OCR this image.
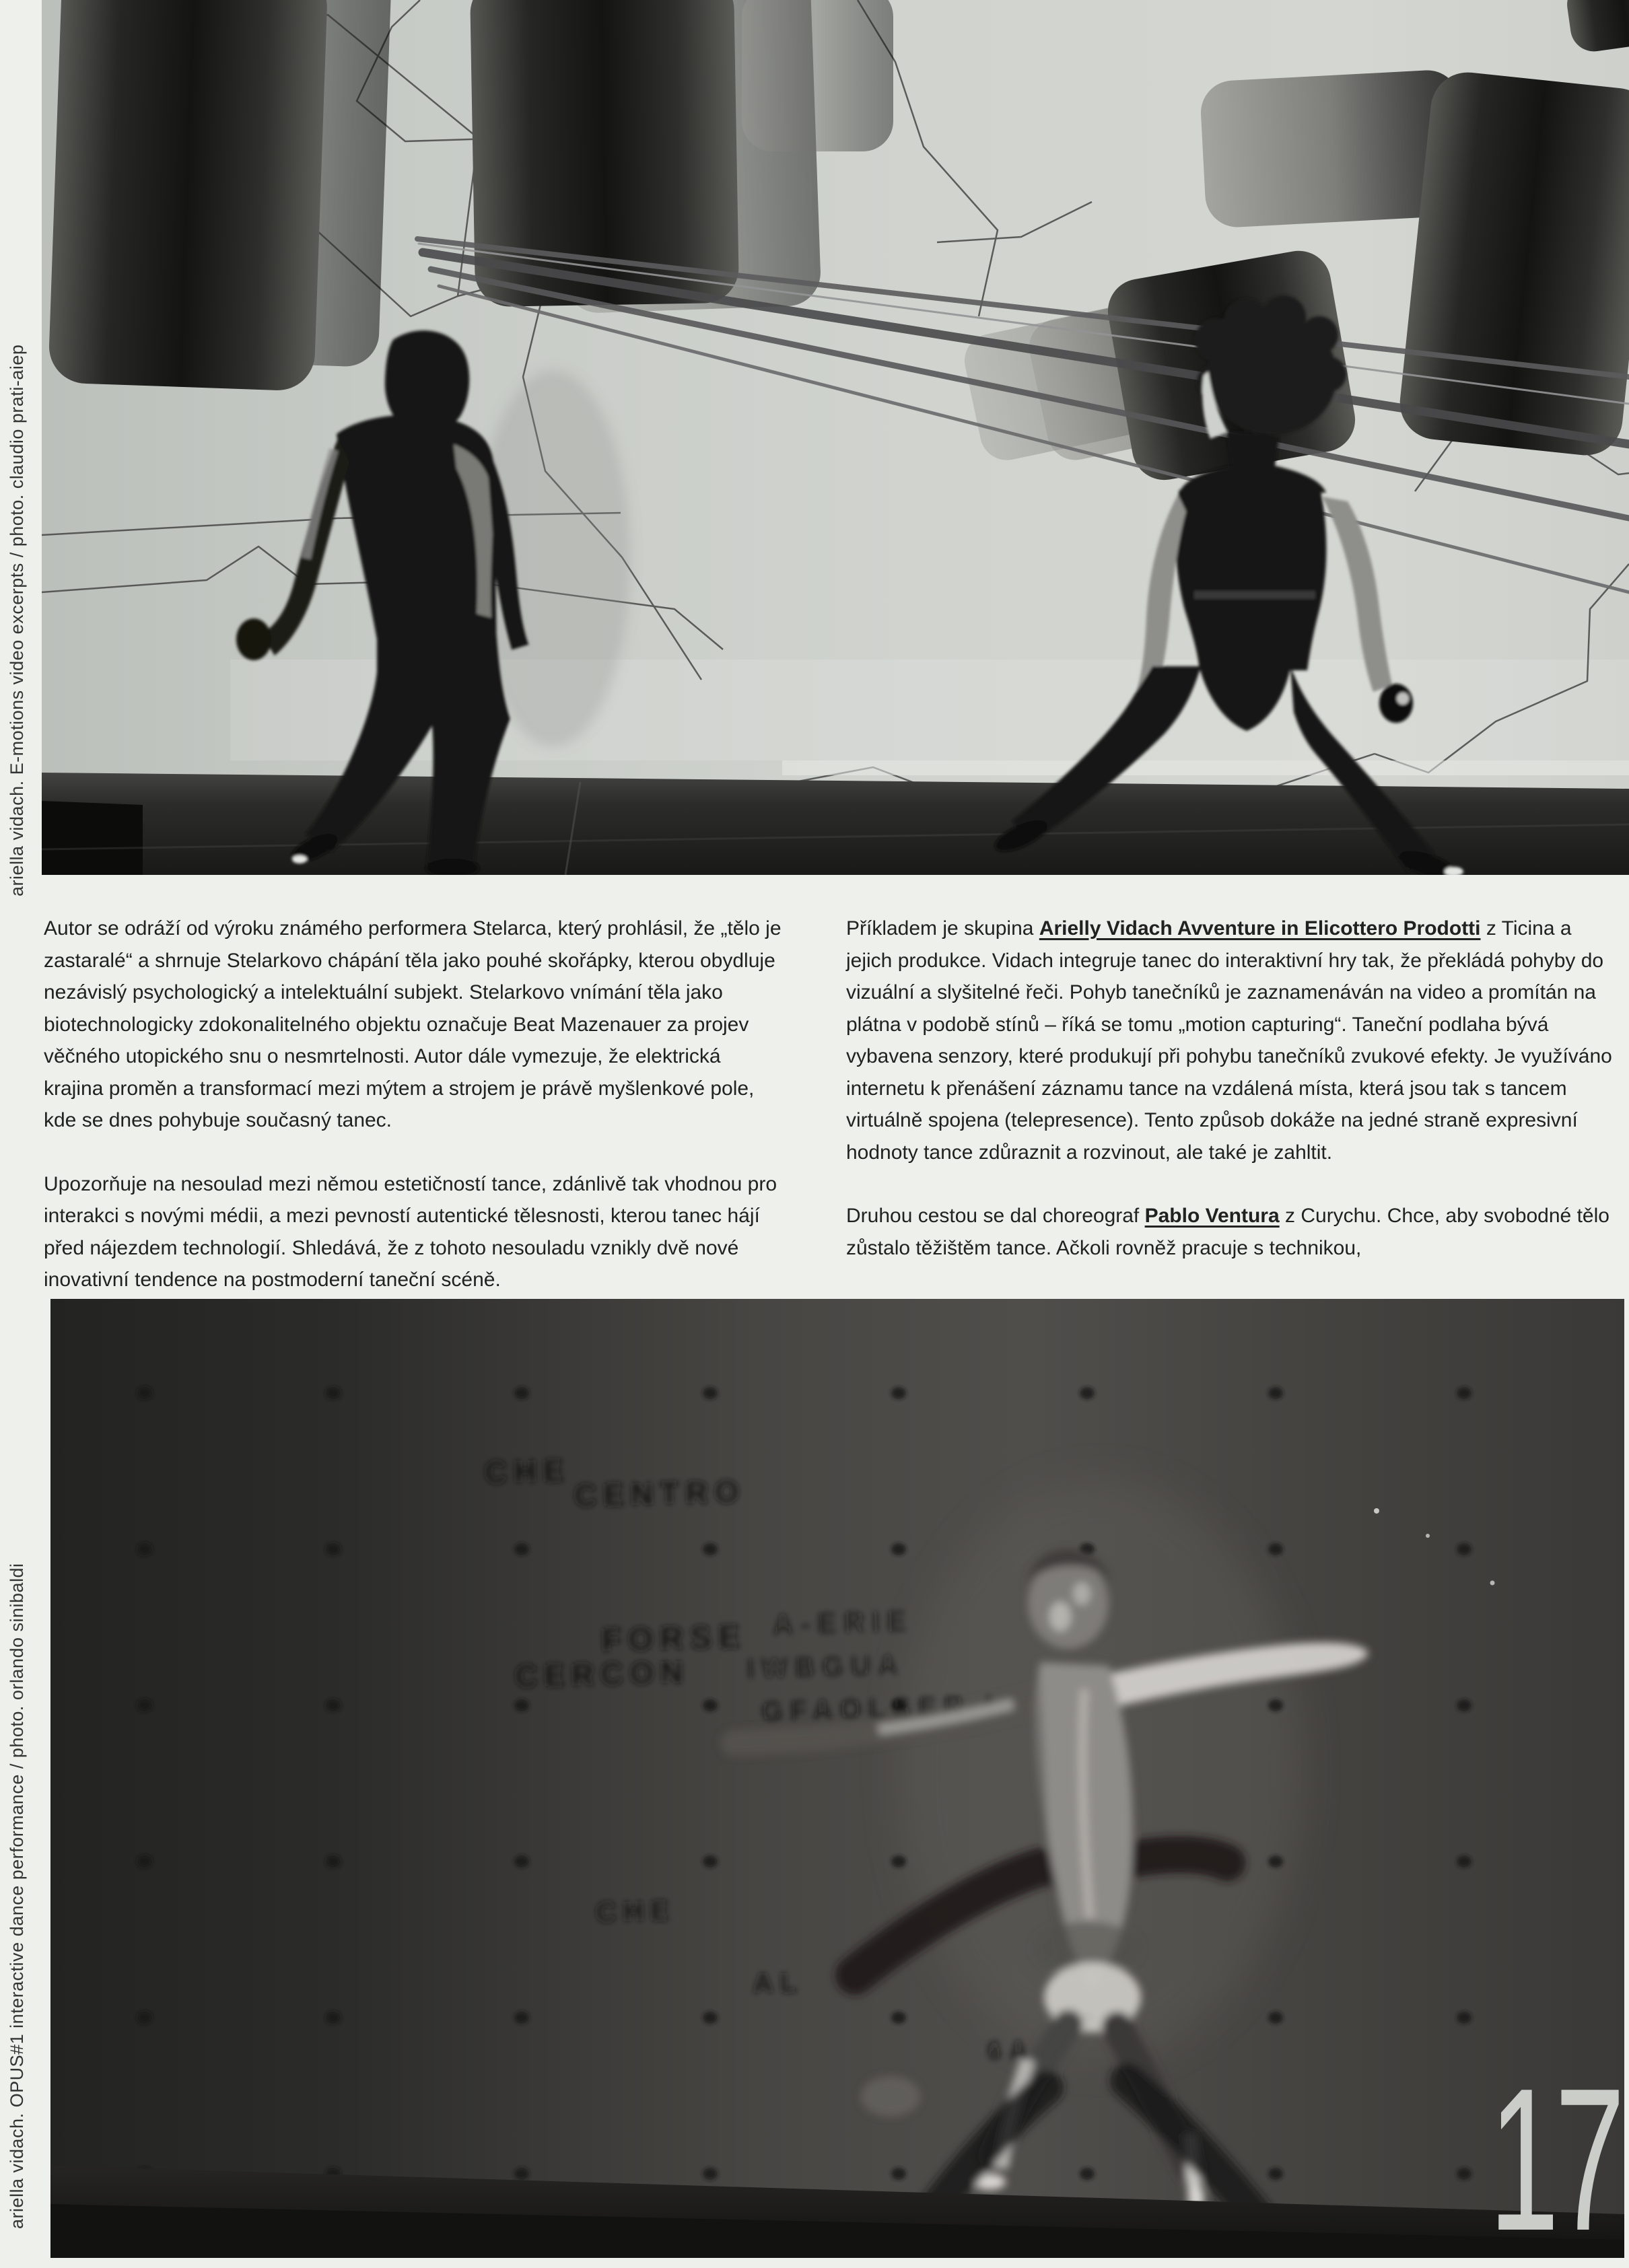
Autor se odráží od výroku známého performera Stelarca, který prohlásil, že „tělo je zastaralé“ a shrnuje Stelarkovo chápání těla jako pouhé skořápky, kterou obydluje nezávislý psychologický a intelektuální subjekt. Stelarkovo vnímání těla jako biotechnologicky zdokonalitelného objektu označuje Beat Mazenauer za projev věčného utopického snu o nesmrtelnosti. Autor dále vymezuje, že elektrická krajina proměn a transformací mezi mýtem a strojem je právě myšlenkové pole, kde se dnes pohybuje současný tanec.

Upozorňuje na nesoulad mezi němou estetičností tance, zdánlivě tak vhodnou pro interakci s novými médii, a mezi pevností autentické tělesnosti, kterou tanec hájí před nájezdem technologií. Shledává, že z tohoto nesouladu vznikly dvě nové inovativní tendence na postmoderní taneční scéně.

Příkladem je skupina Arielly Vidach Avventure in Elicottero Prodotti z Ticina a jejich produkce. Vidach integruje tanec do interaktivní hry tak, že překládá pohyby do vizuální a slyšitelné řeči. Pohyb tanečníků je zaznamenáván na video a promítán na plátna v podobě stínů – říká se tomu „motion capturing“. Taneční podlaha bývá vybavena senzory, které produkují při pohybu tanečníků zvukové efekty. Je využíváno internetu k přenášení záznamu tance na vzdálená místa, která jsou tak s tancem virtuálně spojena (telepresence). Tento způsob dokáže na jedné straně expresivní hodnoty tance zdůraznit a rozvinout, ale také je zahltit.

Druhou cestou se dal choreograf Pablo Ventura z Curychu. Chce, aby svobodné tělo zůstalo těžištěm tance. Ačkoli rovněž pracuje s technikou,

CHE
CENTRO
FORSE A-ERIE
CERCON IWBGUA
GFAOLSER I
CHE
AL
6A 17
ariella vidach. E-motions video excerpts / photo. claudio prati-aiep
ariella vidach. OPUS#1 interactive dance performance / photo. orlando sinibaldi
